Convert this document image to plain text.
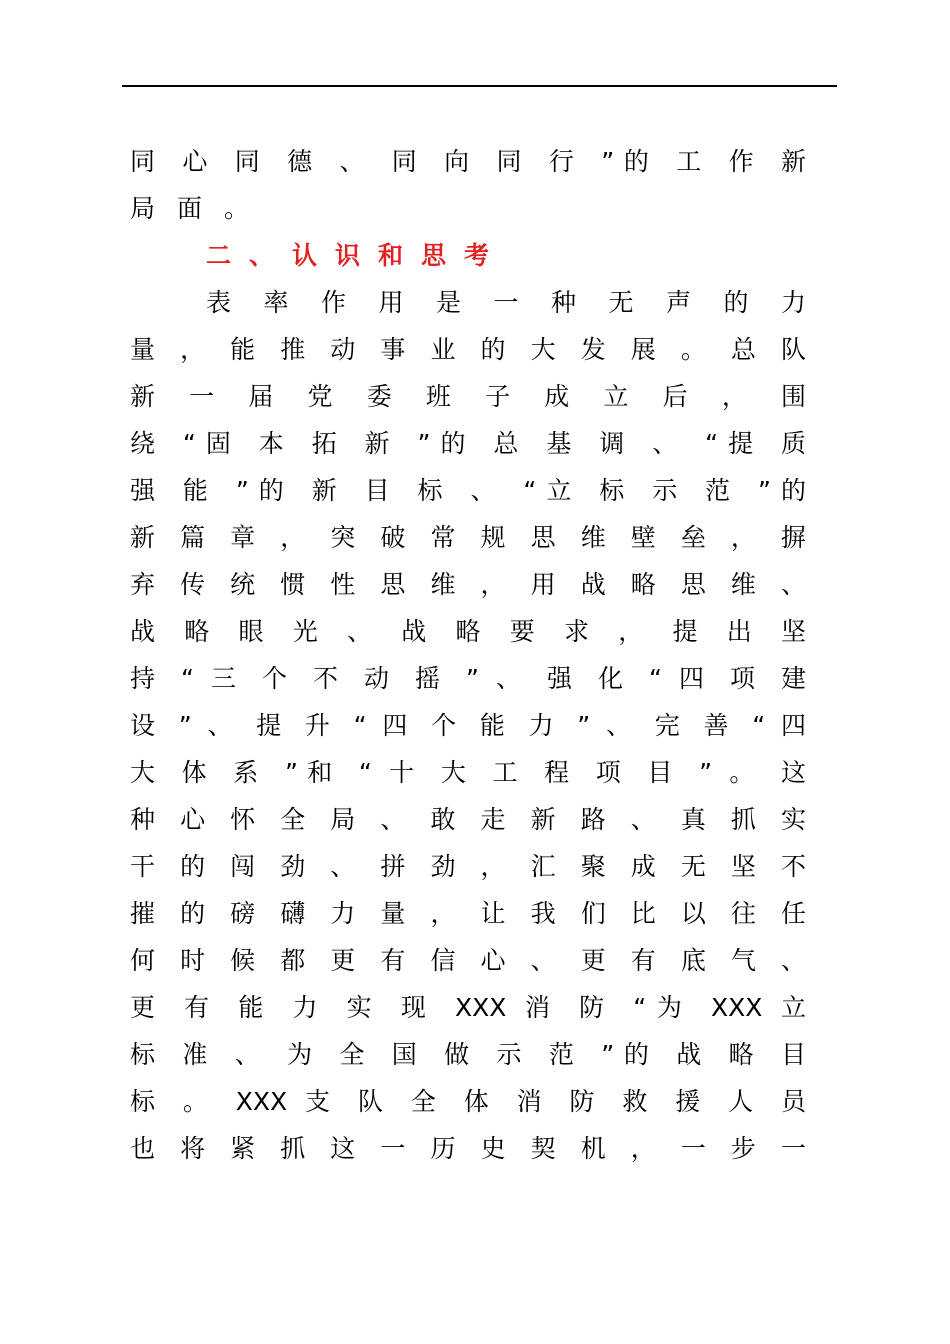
同 心 同 德 、 同 向 同 行 ”的 工 作 新
局面。
二、认识和思考
表 率 作 用 是 一 种 无 声 的 力
量 ， 能 推 动 事 业 的 大 发 展 。 总 队
新 一 届 党 委 班 子 成 立 后 ， 围
绕 “固 本 拓 新 ”的 总 基 调 、 “提 质
强 能 ”的 新 目 标 、 “立 标 示 范 ”的
新 篇 章 ， 突 破 常 规 思 维 壁 垒 ， 摒
弃 传 统 惯 性 思 维 ， 用 战 略 思 维 、
战 略 眼 光 、 战 略 要 求 ， 提 出 坚
持 “ 三 个 不 动 摇 ” 、 强 化 “ 四 项 建
设 ” 、 提 升 “ 四 个 能 力 ” 、 完 善 “ 四
大 体 系 ”和 “ 十 大 工 程 项 目 ” 。 这
种 心 怀 全 局 、 敢 走 新 路 、 真 抓 实
干 的 闯 劲 、 拼 劲 ， 汇 聚 成 无 坚 不
摧 的 磅 礴 力 量 ， 让 我 们 比 以 往 任
何 时 候 都 更 有 信 心 、 更 有 底 气 、
更 有 能 力 实 现 XXX 消 防 “为 XXX 立
标 准 、 为 全 国 做 示 范 ”的 战 略 目
标 。 XXX 支 队 全 体 消 防 救 援 人 员
也 将 紧 抓 这 一 历 史 契 机 ， 一 步 一
